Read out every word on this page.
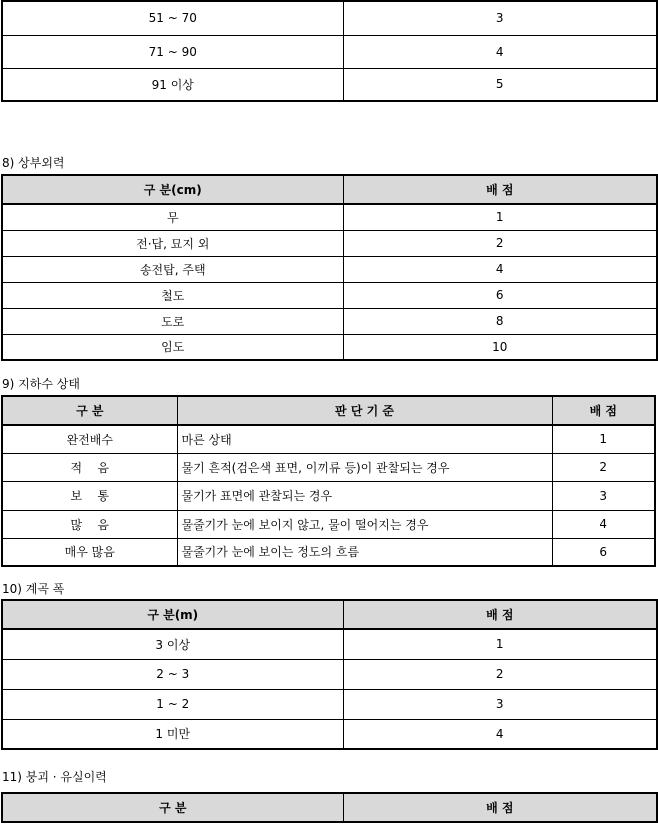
51 ~ 70	3
71 ~ 90	4
91 이상	5
8) 상부외력
구 분(cm)	배 점
무	1
전·답, 묘지 외	2
송전탑, 주택	4
철도	6
도로	8
임도	10
9) 지하수 상태
구 분	판 단 기 준	배 점
완전배수	마른 상태	1
적    음	물기 흔적(검은색 표면, 이끼류 등)이 관찰되는 경우	2
보    통	물기가 표면에 관찰되는 경우	3
많    음	물줄기가 눈에 보이지 않고, 물이 떨어지는 경우	4
매우 많음	물줄기가 눈에 보이는 정도의 흐름	6
10) 계곡 폭
구 분(m)	배 점
3 이상	1
2 ~ 3	2
1 ~ 2	3
1 미만	4
11) 붕괴 · 유실이력
구 분	배 점
